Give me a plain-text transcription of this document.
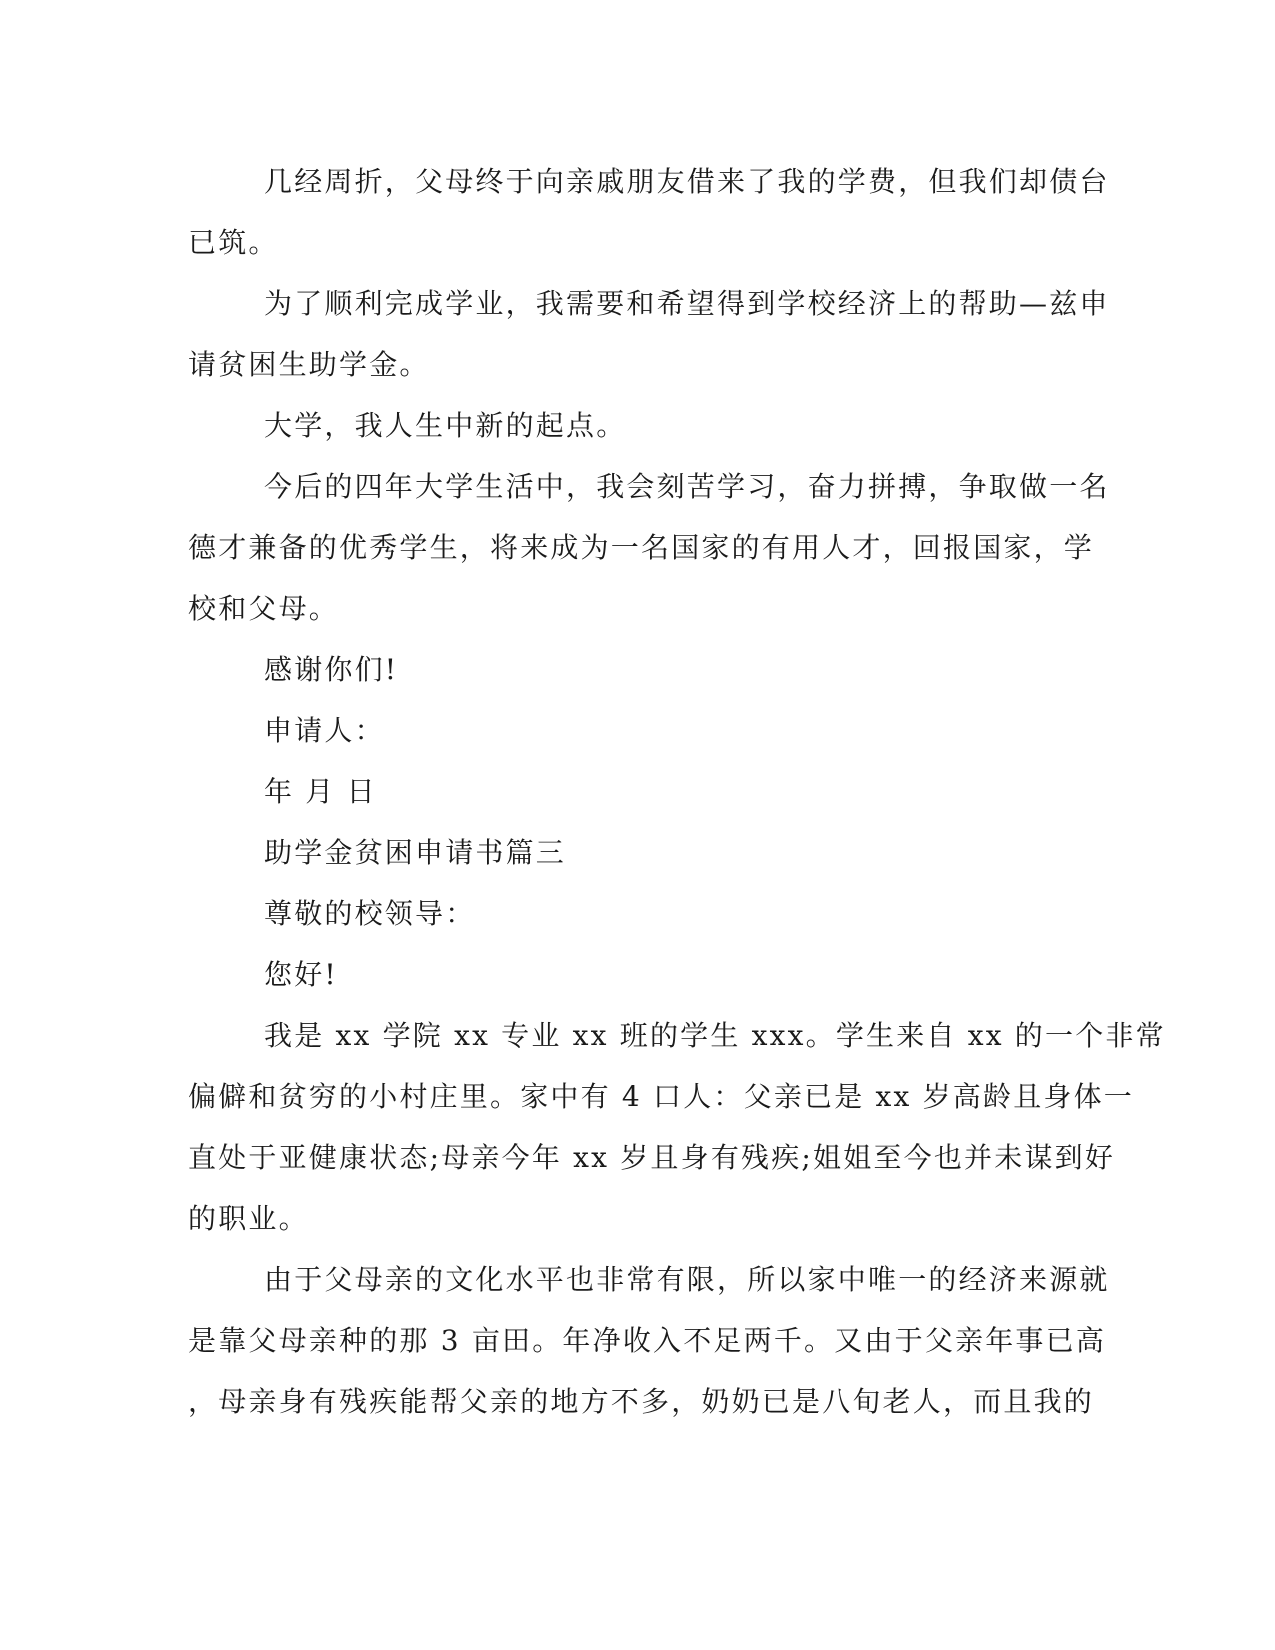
几经周折，父母终于向亲戚朋友借来了我的学费，但我们却债台
已筑。
为了顺利完成学业，我需要和希望得到学校经济上的帮助—兹申
请贫困生助学金。
大学，我人生中新的起点。
今后的四年大学生活中，我会刻苦学习，奋力拼搏，争取做一名
德才兼备的优秀学生，将来成为一名国家的有用人才，回报国家，学
校和父母。
感谢你们!
申请人：
年 月 日
助学金贫困申请书篇三
尊敬的校领导：
您好!
我是 xx 学院 xx 专业 xx 班的学生 xxx。学生来自 xx 的一个非常
偏僻和贫穷的小村庄里。家中有 4 口人：父亲已是 xx 岁高龄且身体一
直处于亚健康状态;母亲今年 xx 岁且身有残疾;姐姐至今也并未谋到好
的职业。
由于父母亲的文化水平也非常有限，所以家中唯一的经济来源就
是靠父母亲种的那 3 亩田。年净收入不足两千。又由于父亲年事已高
，母亲身有残疾能帮父亲的地方不多，奶奶已是八旬老人，而且我的
